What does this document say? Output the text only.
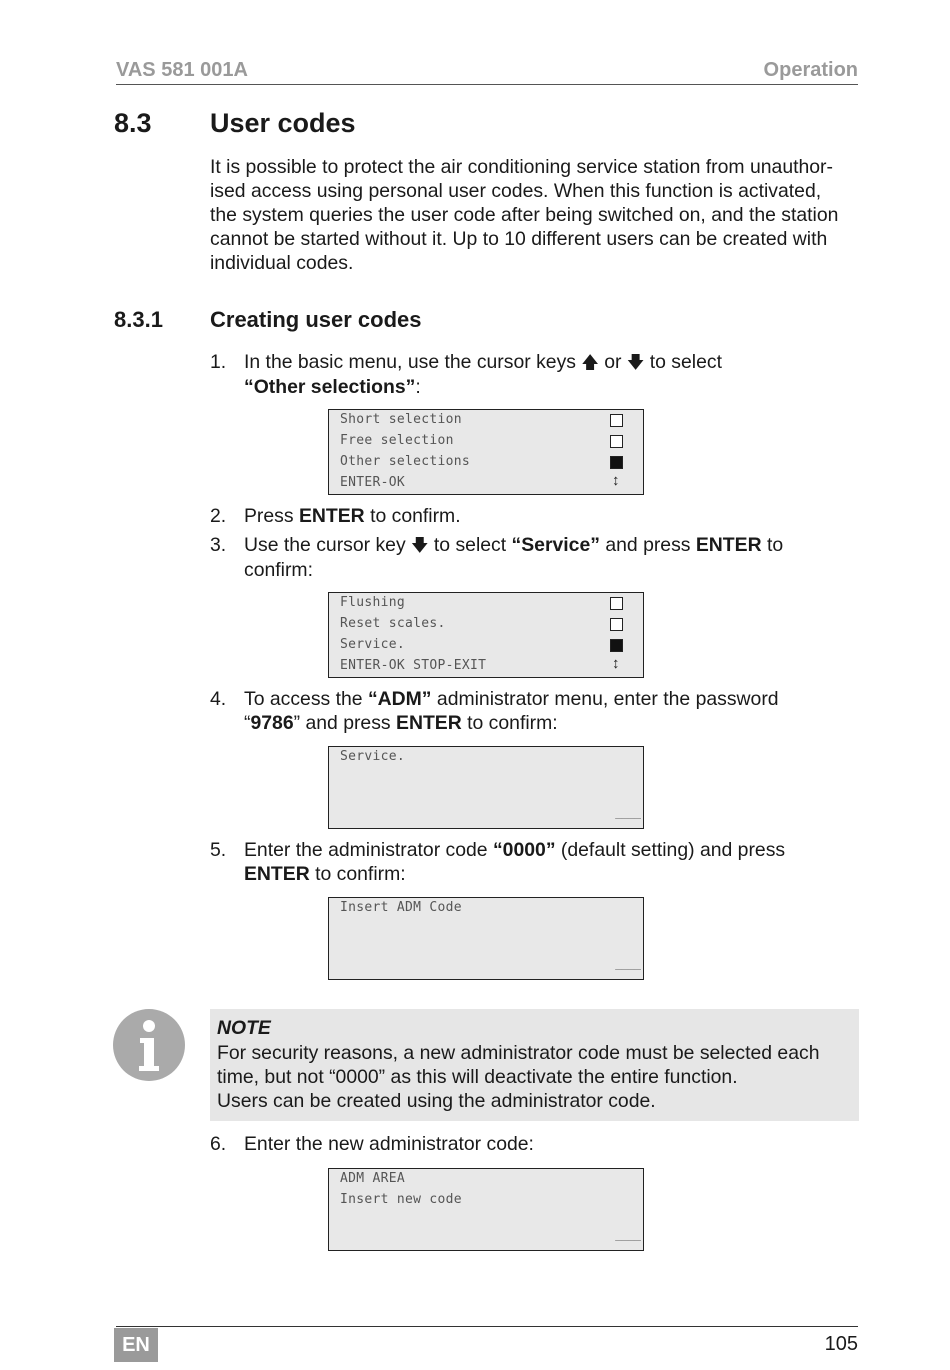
VAS 581 001A	Operation
8.3 User codes
It is possible to protect the air conditioning service station from unauthor-
ised access using personal user codes. When this function is activated,
the system queries the user code after being switched on, and the station
cannot be started without it. Up to 10 different users can be created with
individual codes.
8.3.1 Creating user codes
1. In the basic menu, use the cursor keys 🡅 or 🡇 to select
“Other selections”:
Short selection
Free selection
Other selections
ENTER-OK	↕
2. Press ENTER to confirm.
3. Use the cursor key 🡇 to select “Service” and press ENTER to
confirm:
Flushing
Reset scales.
Service.
ENTER-OK STOP-EXIT	↕
4. To access the “ADM” administrator menu, enter the password
“9786” and press ENTER to confirm:
Service.
____
5. Enter the administrator code “0000” (default setting) and press
ENTER to confirm:
Insert ADM Code
____
NOTE
For security reasons, a new administrator code must be selected each
time, but not “0000” as this will deactivate the entire function.
Users can be created using the administrator code.
6. Enter the new administrator code:
ADM AREA
Insert new code
____
EN	105
